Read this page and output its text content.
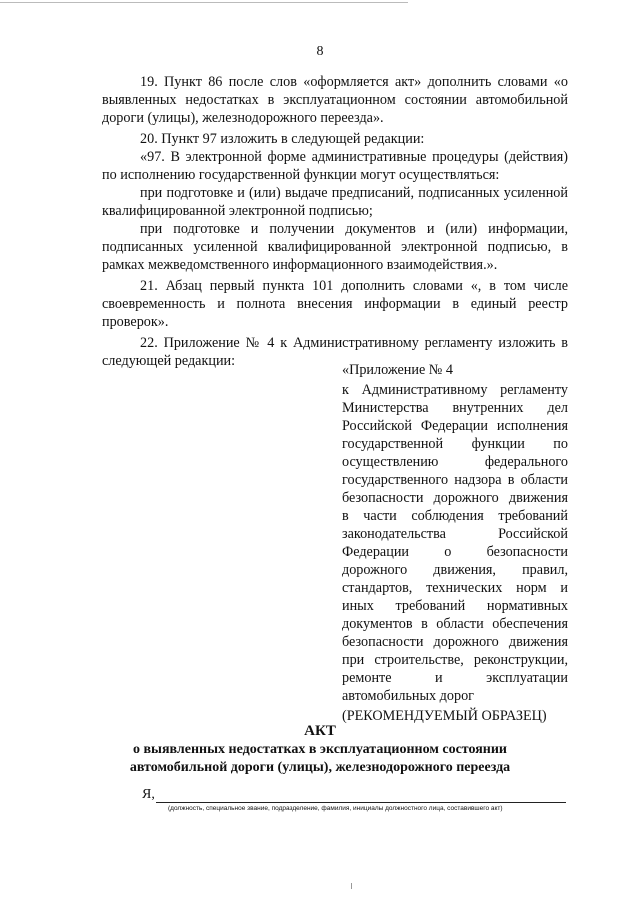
8

19. Пункт 86 после слов «оформляется акт» дополнить словами «о выявленных недостатках в эксплуатационном состоянии автомобильной дороги (улицы), железнодорожного переезда».

20. Пункт 97 изложить в следующей редакции:

«97. В электронной форме административные процедуры (действия) по исполнению государственной функции могут осуществляться:

при подготовке и (или) выдаче предписаний, подписанных усиленной квалифицированной электронной подписью;

при подготовке и получении документов и (или) информации, подписанных усиленной квалифицированной электронной подписью, в рамках межведомственного информационного взаимодействия.».

21. Абзац первый пункта 101 дополнить словами «, в том числе своевременность и полнота внесения информации в единый реестр проверок».

22. Приложение № 4 к Административному регламенту изложить в следующей редакции:

«Приложение № 4
к Административному регламенту
Министерства внутренних дел
Российской Федерации исполнения
государственной функции по
осуществлению федерального
государственного надзора в области
безопасности дорожного движения
в части соблюдения требований
законодательства Российской
Федерации о безопасности
дорожного движения, правил,
стандартов, технических норм и
иных требований нормативных
документов в области обеспечения
безопасности дорожного движения
при строительстве, реконструкции,
ремонте и эксплуатации
автомобильных дорог
(РЕКОМЕНДУЕМЫЙ ОБРАЗЕЦ)
АКТ
о выявленных недостатках в эксплуатационном состоянии
автомобильной дороги (улицы), железнодорожного переезда
Я,
(должность, специальное звание, подразделение, фамилия, инициалы должностного лица, составившего акт)
